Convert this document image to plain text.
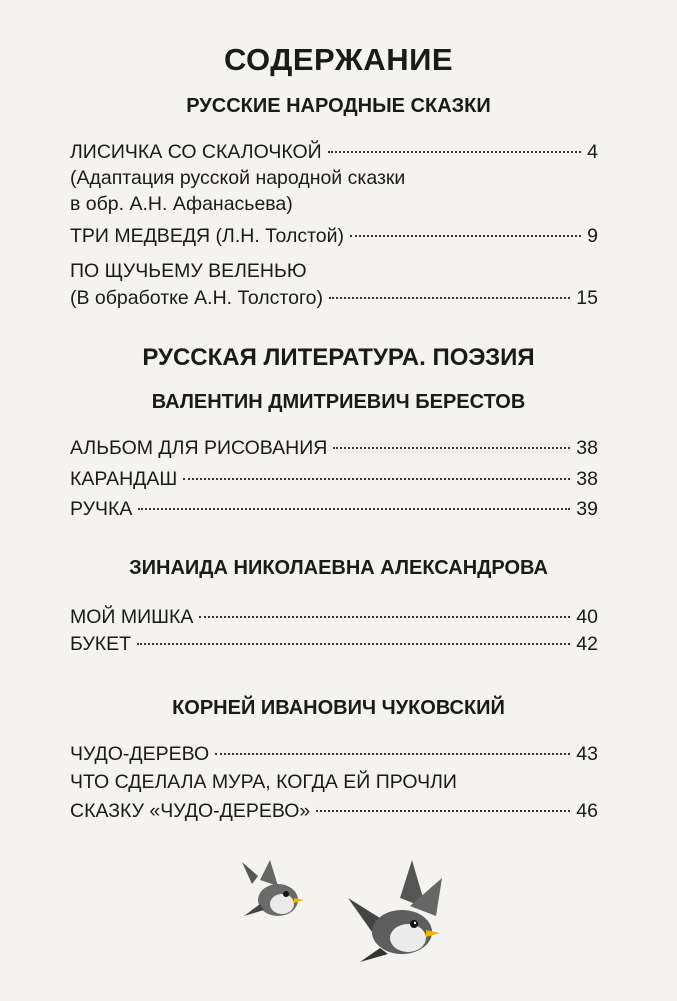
СОДЕРЖАНИЕ
РУССКИЕ НАРОДНЫЕ СКАЗКИ
ЛИСИЧКА СО СКАЛОЧКОЙ	4
(Адаптация русской народной сказки
в обр. А.Н. Афанасьева)
ТРИ МЕДВЕДЯ (Л.Н. Толстой)	9
ПО ЩУЧЬЕМУ ВЕЛЕНЬЮ
(В обработке А.Н. Толстого)	15
РУССКАЯ ЛИТЕРАТУРА. ПОЭЗИЯ
ВАЛЕНТИН ДМИТРИЕВИЧ БЕРЕСТОВ
АЛЬБОМ ДЛЯ РИСОВАНИЯ	38
КАРАНДАШ	38
РУЧКА	39
ЗИНАИДА НИКОЛАЕВНА АЛЕКСАНДРОВА
МОЙ МИШКА	40
БУКЕТ	42
КОРНЕЙ ИВАНОВИЧ ЧУКОВСКИЙ
ЧУДО-ДЕРЕВО	43
ЧТО СДЕЛАЛА МУРА, КОГДА ЕЙ ПРОЧЛИ
СКАЗКУ «ЧУДО-ДЕРЕВО»	46
